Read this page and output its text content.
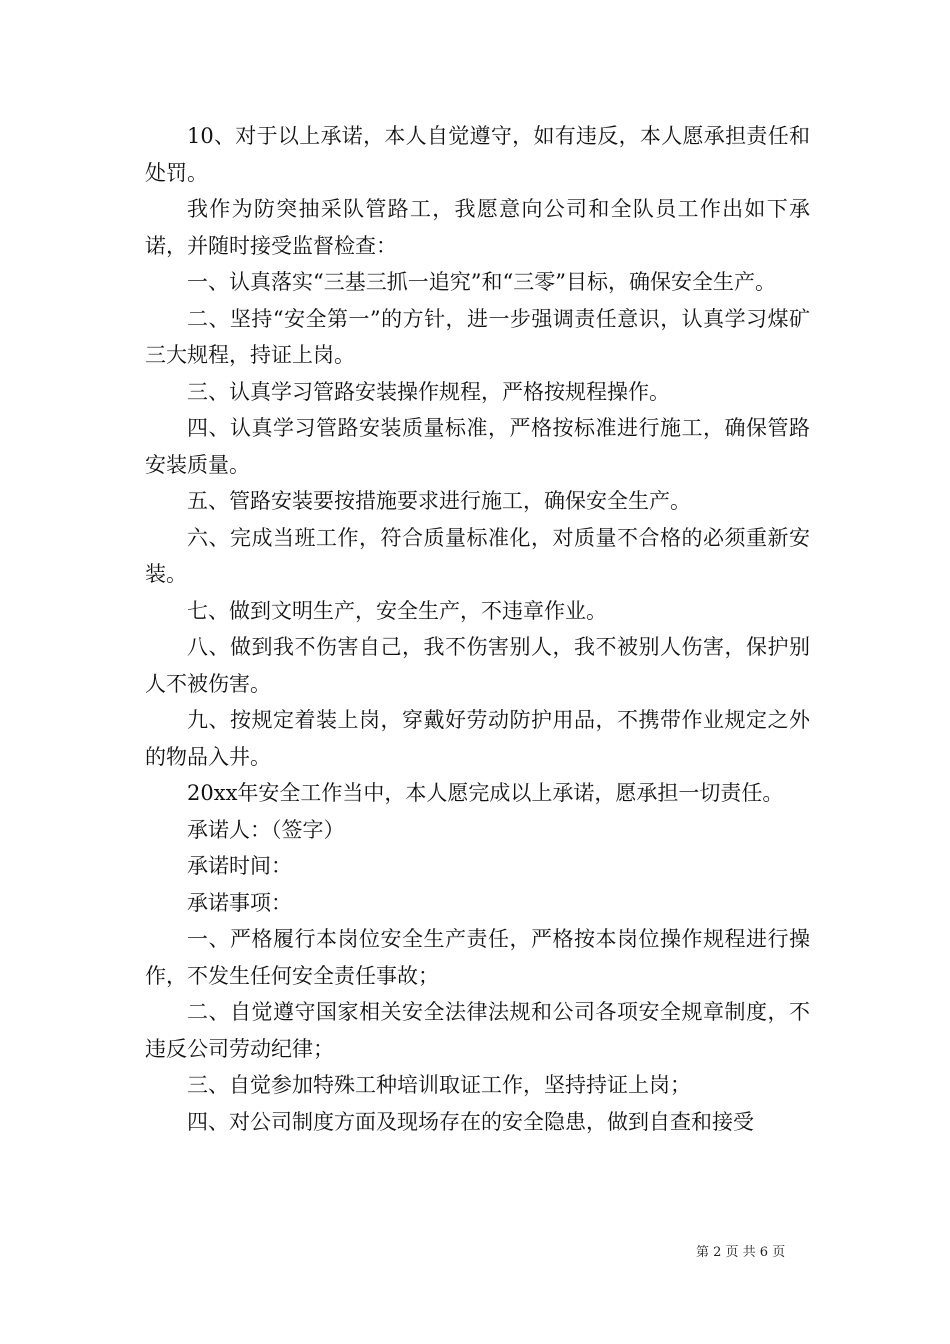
10、对于以上承诺，本人自觉遵守，如有违反，本人愿承担责任和处罚。

我作为防突抽采队管路工，我愿意向公司和全队员工作出如下承诺，并随时接受监督检查：

一、认真落实“三基三抓一追究”和“三零”目标，确保安全生产。

二、坚持“安全第一”的方针，进一步强调责任意识，认真学习煤矿三大规程，持证上岗。

三、认真学习管路安装操作规程，严格按规程操作。

四、认真学习管路安装质量标准，严格按标准进行施工，确保管路安装质量。

五、管路安装要按措施要求进行施工，确保安全生产。

六、完成当班工作，符合质量标准化，对质量不合格的必须重新安装。

七、做到文明生产，安全生产，不违章作业。

八、做到我不伤害自己，我不伤害别人，我不被别人伤害，保护别人不被伤害。

九、按规定着装上岗，穿戴好劳动防护用品，不携带作业规定之外的物品入井。

20xx年安全工作当中，本人愿完成以上承诺，愿承担一切责任。

承诺人：（签字）

承诺时间：

承诺事项：

一、严格履行本岗位安全生产责任，严格按本岗位操作规程进行操作，不发生任何安全责任事故；

二、自觉遵守国家相关安全法律法规和公司各项安全规章制度，不违反公司劳动纪律；

三、自觉参加特殊工种培训取证工作，坚持持证上岗；

四、对公司制度方面及现场存在的安全隐患，做到自查和接受

第 2 页 共 6 页
